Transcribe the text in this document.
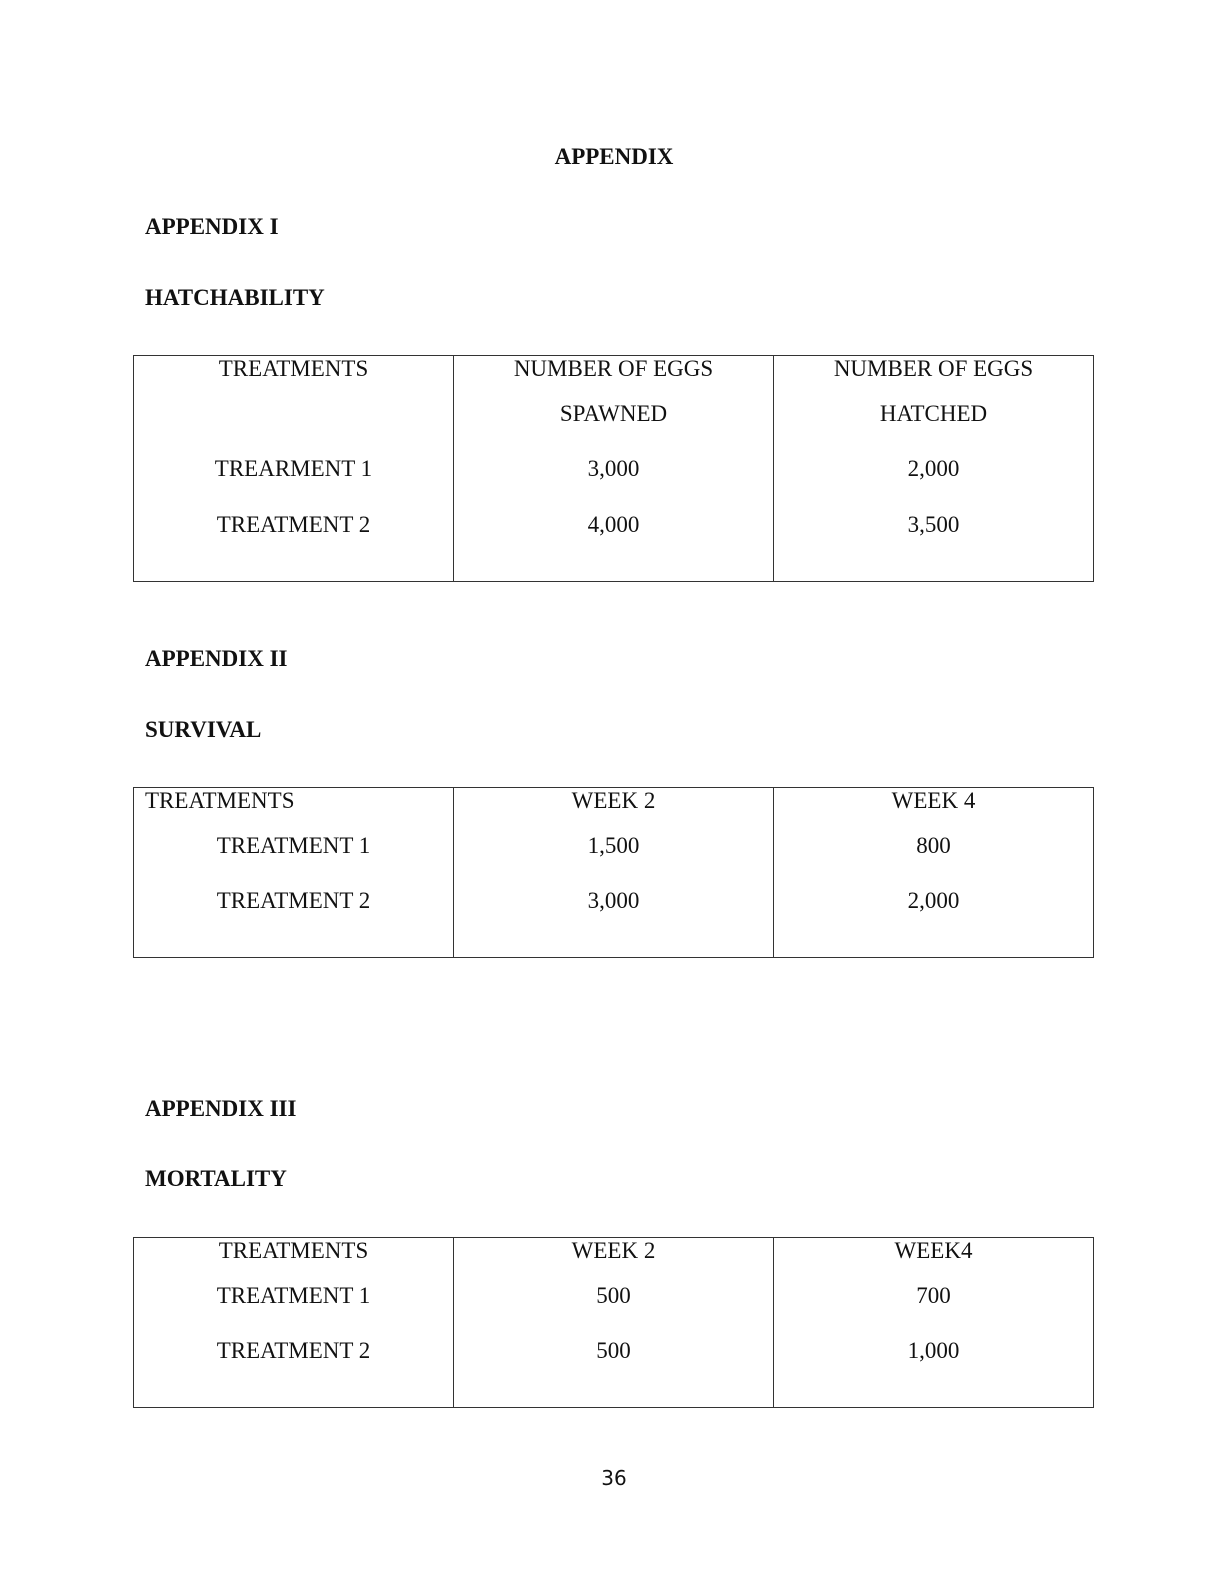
APPENDIX
APPENDIX I
HATCHABILITY
TREATMENTS	NUMBER OF EGGS	NUMBER OF EGGS
	SPAWNED	HATCHED
TREARMENT 1	3,000	2,000
TREATMENT 2	4,000	3,500

APPENDIX II
SURVIVAL
TREATMENTS	WEEK 2	WEEK 4
TREATMENT 1	1,500	800
TREATMENT 2	3,000	2,000

APPENDIX III
MORTALITY
TREATMENTS	WEEK 2	WEEK4
TREATMENT 1	500	700
TREATMENT 2	500	1,000

36
